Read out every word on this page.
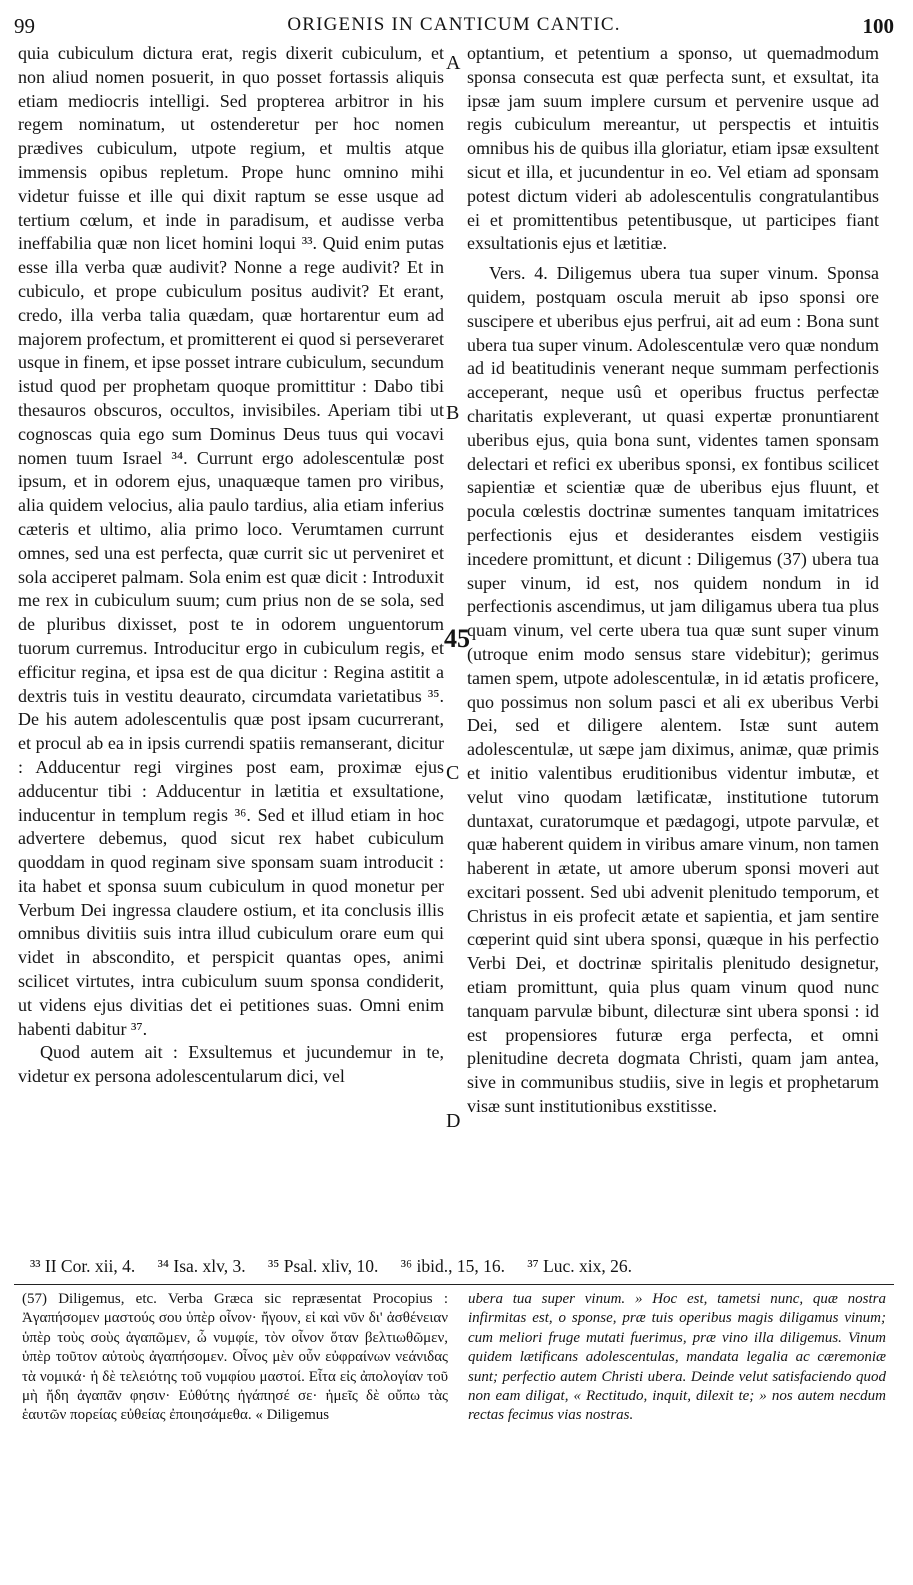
99	ORIGENIS IN CANTICUM CANTIC.	100

quia cubiculum dictura erat, regis dixerit cubiculum, et non aliud nomen posuerit, in quo posset fortassis aliquis etiam mediocris intelligi. Sed propterea arbitror in his regem nominatum, ut ostenderetur per hoc nomen prædives cubiculum, utpote regium, et multis atque immensis opibus repletum. Prope hunc omnino mihi videtur fuisse et ille qui dixit raptum se esse usque ad tertium cœlum, et inde in paradisum, et audisse verba ineffabilia quæ non licet homini loqui ³³. Quid enim putas esse illa verba quæ audivit? Nonne a rege audivit? Et in cubiculo, et prope cubiculum positus audivit? Et erant, credo, illa verba talia quædam, quæ hortarentur eum ad majorem profectum, et promitterent ei quod si perseveraret usque in finem, et ipse posset intrare cubiculum, secundum istud quod per prophetam quoque promittitur : Dabo tibi thesauros obscuros, occultos, invisibiles. Aperiam tibi ut cognoscas quia ego sum Dominus Deus tuus qui vocavi nomen tuum Israel ³⁴. Currunt ergo adolescentulæ post ipsum, et in odorem ejus, unaquæque tamen pro viribus, alia quidem velocius, alia paulo tardius, alia etiam inferius cæteris et ultimo, alia primo loco. Verumtamen currunt omnes, sed una est perfecta, quæ currit sic ut perveniret et sola acciperet palmam. Sola enim est quæ dicit : Introduxit me rex in cubiculum suum; cum prius non de se sola, sed de pluribus dixisset, post te in odorem unguentorum tuorum curremus. Introducitur ergo in cubiculum regis, et efficitur regina, et ipsa est de qua dicitur : Regina astitit a dextris tuis in vestitu deaurato, circumdata varietatibus ³⁵. De his autem adolescentulis quæ post ipsam cucurrerant, et procul ab ea in ipsis currendi spatiis remanserant, dicitur : Adducentur regi virgines post eam, proximæ ejus adducentur tibi : Adducentur in lætitia et exsultatione, inducentur in templum regis ³⁶. Sed et illud etiam in hoc advertere debemus, quod sicut rex habet cubiculum quoddam in quod reginam sive sponsam suam introducit : ita habet et sponsa suum cubiculum in quod monetur per Verbum Dei ingressa claudere ostium, et ita conclusis illis omnibus divitiis suis intra illud cubiculum orare eum qui videt in abscondito, et perspicit quantas opes, animi scilicet virtutes, intra cubiculum suum sponsa condiderit, ut videns ejus divitias det ei petitiones suas. Omni enim habenti dabitur ³⁷.

Quod autem ait : Exsultemus et jucundemur in te, videtur ex persona adolescentularum dici, vel

A
B
C
D

optantium, et petentium a sponso, ut quemadmodum sponsa consecuta est quæ perfecta sunt, et exsultat, ita ipsæ jam suum implere cursum et pervenire usque ad regis cubiculum mereantur, ut perspectis et intuitis omnibus his de quibus illa gloriatur, etiam ipsæ exsultent sicut et illa, et jucundentur in eo. Vel etiam ad sponsam potest dictum videri ab adolescentulis congratulantibus ei et promittentibus petentibusque, ut participes fiant exsultationis ejus et lætitiæ.

Vers. 4. Diligemus ubera tua super vinum. Sponsa quidem, postquam oscula meruit ab ipso sponsi ore suscipere et uberibus ejus perfrui, ait ad eum : Bona sunt ubera tua super vinum. Adolescentulæ vero quæ nondum ad id beatitudinis venerant neque summam perfectionis acceperant, neque usû et operibus fructus perfectæ charitatis expleverant, ut quasi expertæ pronuntiarent uberibus ejus, quia bona sunt, videntes tamen sponsam delectari et refici ex uberibus sponsi, ex fontibus scilicet sapientiæ et scientiæ quæ de uberibus ejus fluunt, et pocula cœlestis doctrinæ sumentes tanquam imitatrices perfectionis ejus et desiderantes eisdem vestigiis incedere promittunt, et dicunt : Diligemus (37) ubera tua super vinum, id est, nos quidem nondum in id perfectionis ascendimus, ut jam diligamus ubera tua plus quam vinum, vel certe ubera tua quæ sunt super vinum (utroque enim modo sensus stare videbitur); gerimus tamen spem, utpote adolescentulæ, in id ætatis proficere, quo possimus non solum pasci et ali ex uberibus Verbi Dei, sed et diligere alentem. Istæ sunt autem adolescentulæ, ut sæpe jam diximus, animæ, quæ primis et initio valentibus eruditionibus videntur imbutæ, et velut vino quodam lætificatæ, institutione tutorum duntaxat, curatorumque et pædagogi, utpote parvulæ, et quæ haberent quidem in viribus amare vinum, non tamen haberent in ætate, ut amore uberum sponsi moveri aut excitari possent. Sed ubi advenit plenitudo temporum, et Christus in eis profecit ætate et sapientia, et jam sentire cœperint quid sint ubera sponsi, quæque in his perfectio Verbi Dei, et doctrinæ spiritalis plenitudo designetur, etiam promittunt, quia plus quam vinum quod nunc tanquam parvulæ bibunt, dilecturæ sint ubera sponsi : id est propensiores futuræ erga perfecta, et omni plenitudine decreta dogmata Christi, quam jam antea, sive in communibus studiis, sive in legis et prophetarum visæ sunt institutionibus exstitisse.

45
³³ II Cor. xii, 4. ³⁴ Isa. xlv, 3. ³⁵ Psal. xliv, 10. ³⁶ ibid., 15, 16. ³⁷ Luc. xix, 26.

(57) Diligemus, etc. Verba Græca sic repræsentat Procopius : Ἀγαπήσομεν μαστούς σου ὑπὲρ οἶνον· ἤγουν, εἰ καὶ νῦν δι' ἀσθένειαν ὑπὲρ τοὺς σοὺς ἀγαπῶμεν, ὦ νυμφίε, τὸν οἶνον ὅταν βελτιωθῶμεν, ὑπὲρ τοῦτον αὐτοὺς ἀγαπήσομεν. Οἶνος μὲν οὖν εὐφραίνων νεάνιδας τὰ νομικά· ἡ δὲ τελειότης τοῦ νυμφίου μαστοί. Εἶτα εἰς ἀπολογίαν τοῦ μὴ ἤδη ἀγαπᾶν φησιν· Εὐθύτης ἠγάπησέ σε· ἡμεῖς δὲ οὔπω τὰς ἑαυτῶν πορείας εὐθείας ἐποιησάμεθα. « Diligemus

ubera tua super vinum. » Hoc est, tametsi nunc, quæ nostra infirmitas est, o sponse, præ tuis operibus magis diligamus vinum; cum meliori fruge mutati fuerimus, præ vino illa diligemus. Vinum quidem lætificans adolescentulas, mandata legalia ac cæremoniæ sunt; perfectio autem Christi ubera. Deinde velut satisfaciendo quod non eam diligat, « Rectitudo, inquit, dilexit te; » nos autem necdum rectas fecimus vias nostras.
